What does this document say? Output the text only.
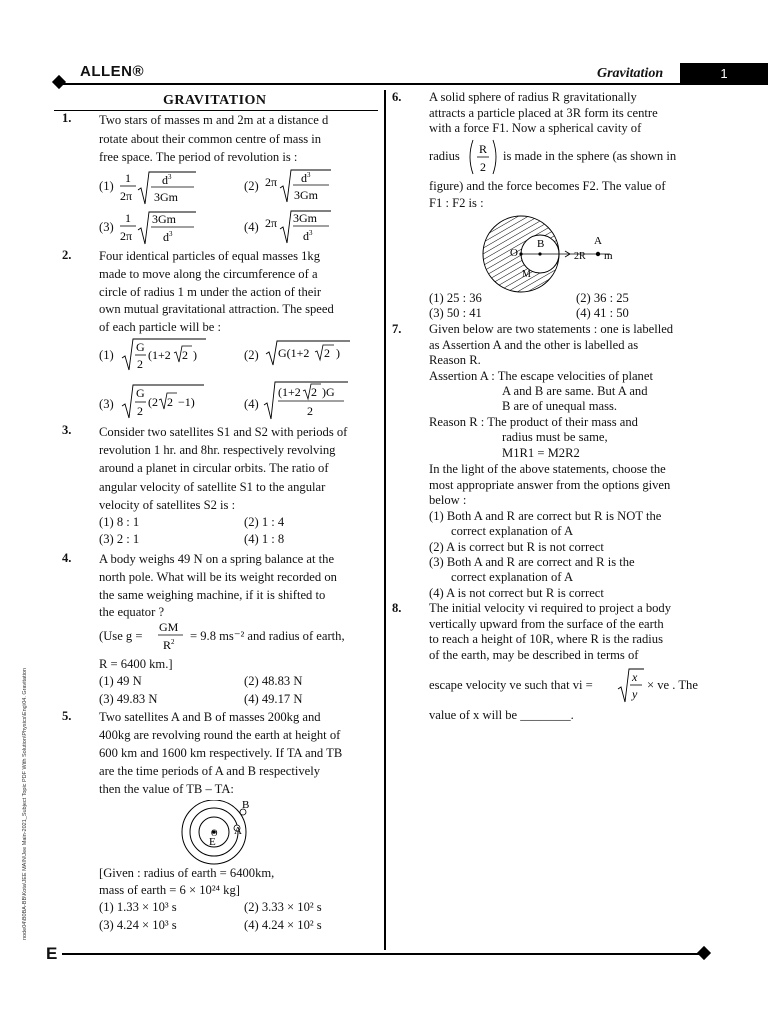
ALLEN®	Gravitation	1
E
node04\B0BA-BB\Kota\JEE MAIN\Jee Main-2021_Subject Topic PDF With Solution\Physics\Eng\04. Gravitation
GRAVITATION
1. Two stars of masses m and 2m at a distance d
rotate about their common centre of mass in
free space. The period of revolution is :
(1)
1
2π
$d^3$
3Gm
(2) 2π $d^3$
3Gm
(3)
1
2π
3Gm
$d^3$	(4) 2π 3Gm
$d^3$
2. Four identical particles of equal masses 1kg
made to move along the circumference of a
circle of radius 1 m under the action of their
own mutual gravitational attraction. The speed
of each particle will be :
(1)
G
2
(1+2 2 )	(2) G(1+2 2 )
(3)
G
2
(2 2 −1)	(4)
(1+2 2 )G
2
3. Consider two satellites S1 and S2 with periods of
revolution 1 hr. and 8hr. respectively revolving
around a planet in circular orbits. The ratio of
angular velocity of satellite S1 to the angular
velocity of satellites S2 is :
(1) 8 : 1	(2) 1 : 4
(3) 2 : 1	(4) 1 : 8
4. A body weighs 49 N on a spring balance at the
north pole. What will be its weight recorded on
the same weighing machine, if it is shifted to
the equator ?
(Use g =
GM
$R^2 = 9.8$ ms⁻² and radius of earth,
R = 6400 km.]
(1) 49 N	(2) 48.83 N
(3) 49.83 N	(4) 49.17 N
5. Two satellites A and B of masses 200kg and
400kg are revolving round the earth at height of
600 km and 1600 km respectively. If TA and TB
are the time periods of A and B respectively
then the value of TB – TA:
B
A
O
E
[Given : radius of earth = 6400km,
mass of earth = 6 × 10²⁴ kg]
(1) 1.33 × 10³ s	(2) 3.33 × 10² s
(3) 4.24 × 10³ s	(4) 4.24 × 10² s
6. A solid sphere of radius R gravitationally
attracts a particle placed at 3R form its centre
with a force F1. Now a spherical cavity of
radius R
2
is made in the sphere (as shown in
figure) and the force becomes F2. The value of
F1 : F2 is :
O
B	A
2R m
M
(1) 25 : 36	(2) 36 : 25
(3) 50 : 41	(4) 41 : 50
7. Given below are two statements : one is labelled
as Assertion A and the other is labelled as
Reason R.
Assertion A : The escape velocities of planet
A and B are same. But A and
B are of unequal mass.
Reason R : The product of their mass and
radius must be same,
M1R1 = M2R2
In the light of the above statements, choose the
most appropriate answer from the options given
below :
(1) Both A and R are correct but R is NOT the
correct explanation of A
(2) A is correct but R is not correct
(3) Both A and R are correct and R is the
correct explanation of A
(4) A is not correct but R is correct
8. The initial velocity vi required to project a body
vertically upward from the surface of the earth
to reach a height of 10R, where R is the radius
of the earth, may be described in terms of
escape velocity ve such that vi =
x
y
× ve . The
value of x will be ________.
